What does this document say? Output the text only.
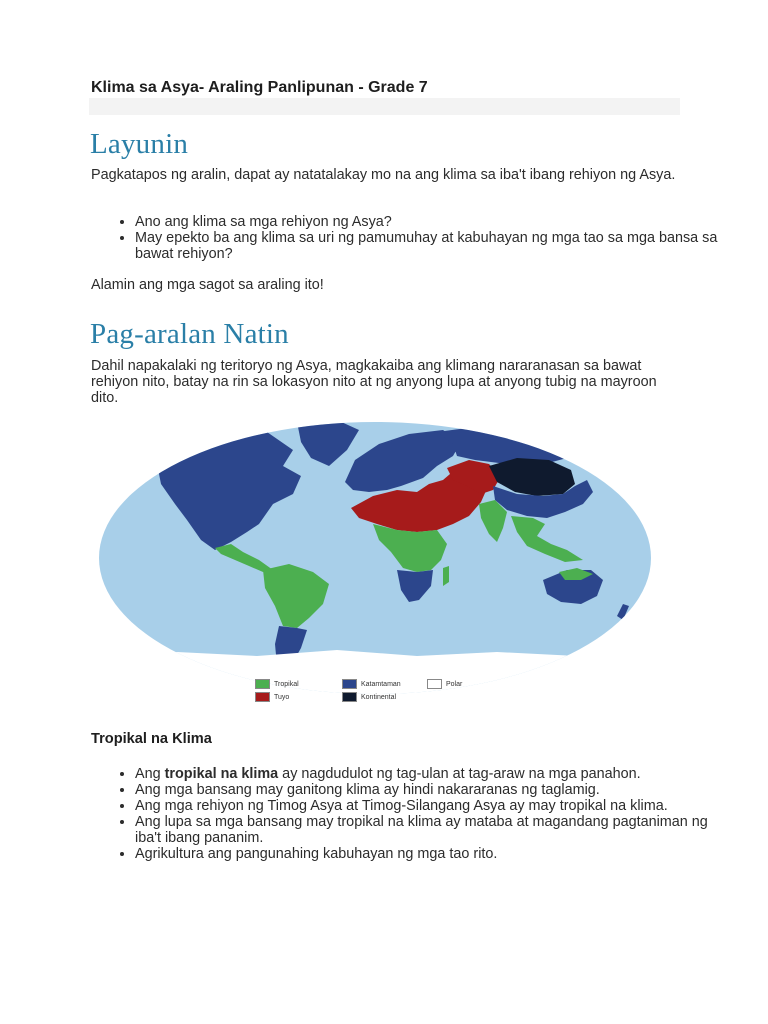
Klima sa Asya- Araling Panlipunan - Grade 7
Layunin

Pagkatapos ng aralin, dapat ay natatalakay mo na ang klima sa iba't ibang rehiyon ng Asya.

• Ano ang klima sa mga rehiyon ng Asya?
• May epekto ba ang klima sa uri ng pamumuhay at kabuhayan ng mga tao sa mga bansa sa bawat rehiyon?

Alamin ang mga sagot sa araling ito!

Pag-aralan Natin

Dahil napakalaki ng teritoryo ng Asya, magkakaiba ang klimang nararanasan sa bawat rehiyon nito, batay na rin sa lokasyon nito at ng anyong lupa at anyong tubig na mayroon dito.

Tropikal
Tuyo
Katamtaman
Kontinental
Polar
Tropikal na Klima
• Ang tropikal na klima ay nagdudulot ng tag-ulan at tag-araw na mga panahon.
• Ang mga bansang may ganitong klima ay hindi nakararanas ng taglamig.
• Ang mga rehiyon ng Timog Asya at Timog-Silangang Asya ay may tropikal na klima.
• Ang lupa sa mga bansang may tropikal na klima ay mataba at magandang pagtaniman ng iba't ibang pananim.
• Agrikultura ang pangunahing kabuhayan ng mga tao rito.
